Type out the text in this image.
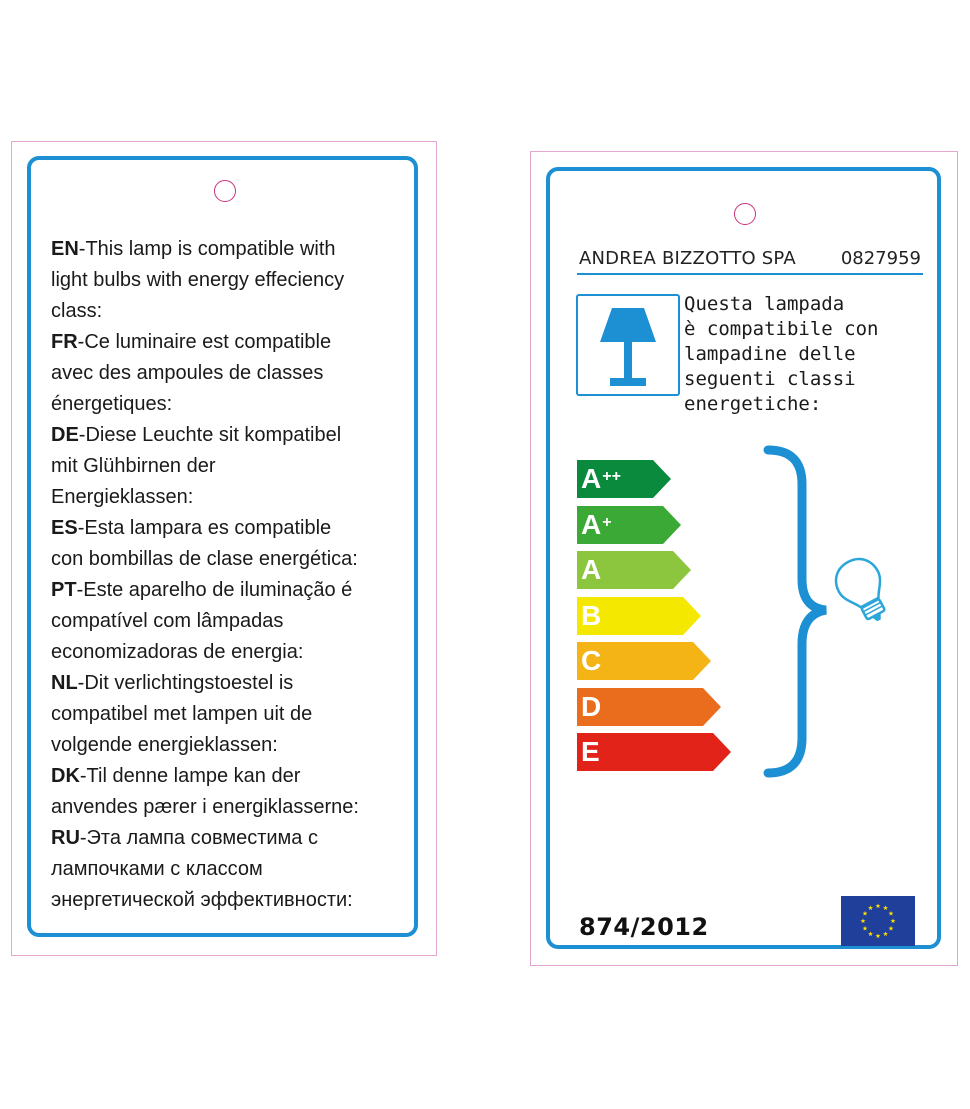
EN-This lamp is compatible with
light bulbs with energy effeciency
class:
FR-Ce luminaire est compatible
avec des ampoules de classes
énergetiques:
DE-Diese Leuchte sit kompatibel
mit Glühbirnen der
Energieklassen:
ES-Esta lampara es compatible
con bombillas de clase energética:
PT-Este aparelho de iluminação é
compatível com lâmpadas
economizadoras de energia:
NL-Dit verlichtingstoestel is
compatibel met lampen uit de
volgende energieklassen:
DK-Til denne lampe kan der
anvendes pærer i energiklasserne:
RU-Эта лампа совместима с
лампочками с классом
энергетической эффективности:
ANDREA BIZZOTTO SPA 0827959
Questa lampada
è compatibile con
lampadine delle
seguenti classi
energetiche:
A++
A+
A
B
C
D
E
874/2012
